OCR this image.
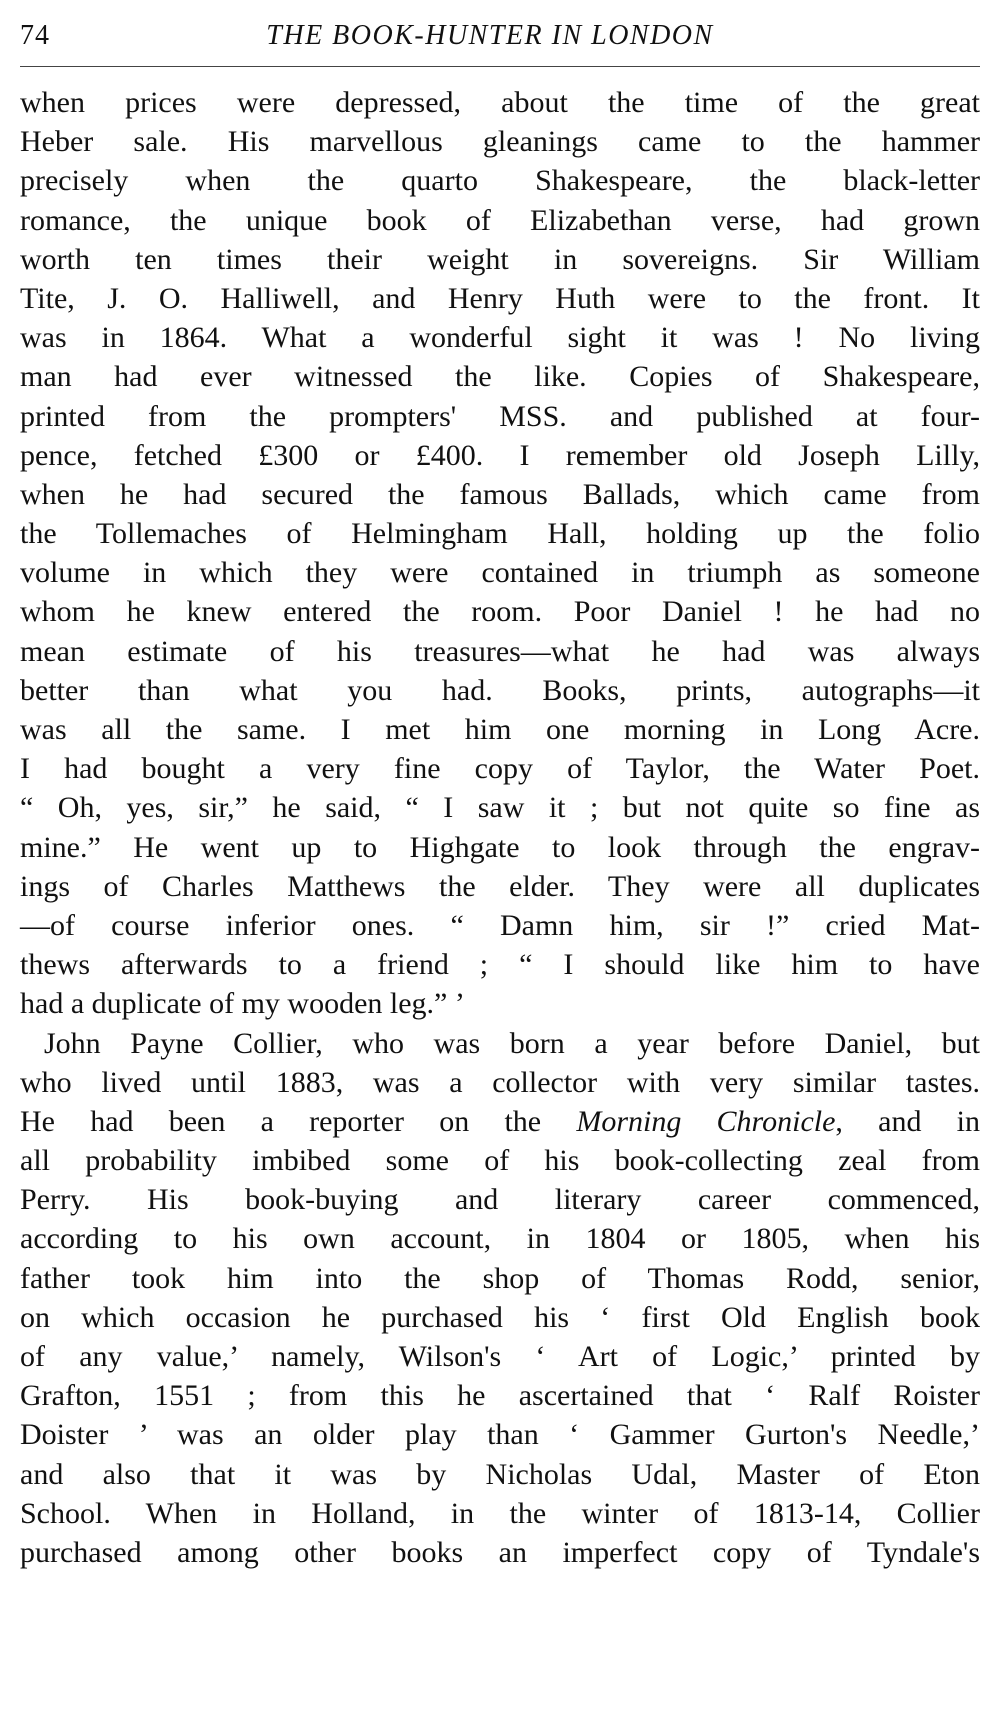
74	THE BOOK-HUNTER IN LONDON
when prices were depressed, about the time of the great
Heber sale. His marvellous gleanings came to the hammer
precisely when the quarto Shakespeare, the black-letter
romance, the unique book of Elizabethan verse, had grown
worth ten times their weight in sovereigns. Sir William
Tite, J. O. Halliwell, and Henry Huth were to the front. It
was in 1864. What a wonderful sight it was ! No living
man had ever witnessed the like. Copies of Shakespeare,
printed from the prompters' MSS. and published at four-
pence, fetched £300 or £400. I remember old Joseph Lilly,
when he had secured the famous Ballads, which came from
the Tollemaches of Helmingham Hall, holding up the folio
volume in which they were contained in triumph as someone
whom he knew entered the room. Poor Daniel ! he had no
mean estimate of his treasures—what he had was always
better than what you had. Books, prints, autographs—it
was all the same. I met him one morning in Long Acre.
I had bought a very fine copy of Taylor, the Water Poet.
“ Oh, yes, sir,” he said, “ I saw it ; but not quite so fine as
mine.” He went up to Highgate to look through the engrav-
ings of Charles Matthews the elder. They were all duplicates
—of course inferior ones. “ Damn him, sir !” cried Mat-
thews afterwards to a friend ; “ I should like him to have
had a duplicate of my wooden leg.” ’
John Payne Collier, who was born a year before Daniel, but
who lived until 1883, was a collector with very similar tastes.
He had been a reporter on the Morning Chronicle, and in
all probability imbibed some of his book-collecting zeal from
Perry. His book-buying and literary career commenced,
according to his own account, in 1804 or 1805, when his
father took him into the shop of Thomas Rodd, senior,
on which occasion he purchased his ‘ first Old English book
of any value,’ namely, Wilson's ‘ Art of Logic,’ printed by
Grafton, 1551 ; from this he ascertained that ‘ Ralf Roister
Doister ’ was an older play than ‘ Gammer Gurton's Needle,’
and also that it was by Nicholas Udal, Master of Eton
School. When in Holland, in the winter of 1813-14, Collier
purchased among other books an imperfect copy of Tyndale's
